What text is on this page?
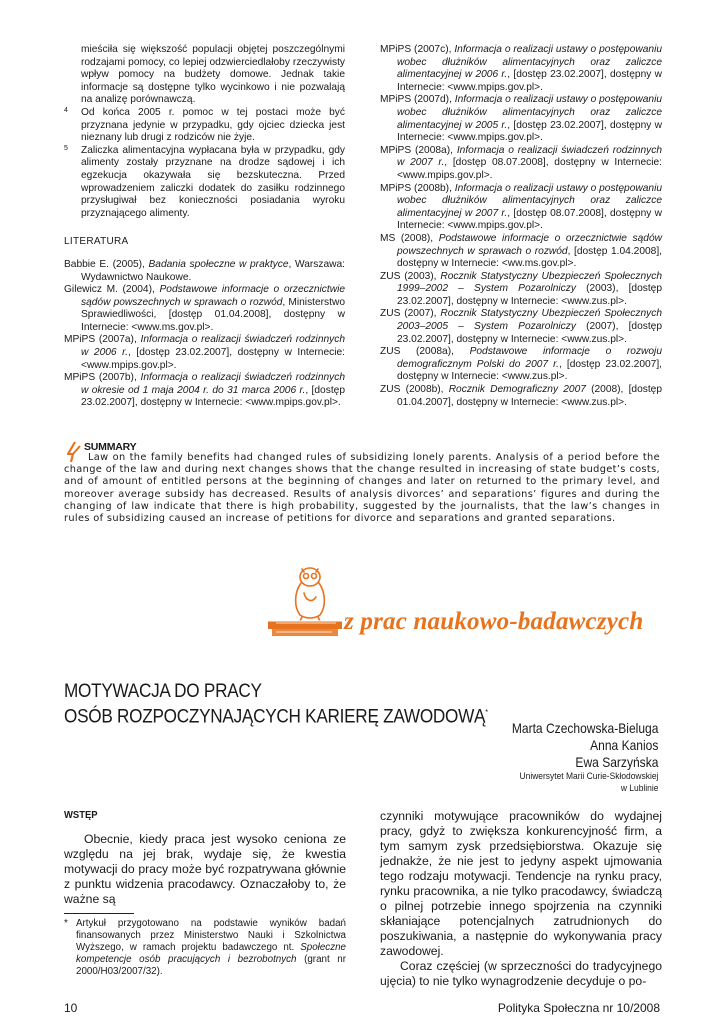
mieściła się większość populacji objętej poszczególnymi rodzajami pomocy, co lepiej odzwierciedlałoby rzeczywisty wpływ pomocy na budżety domowe. Jednak takie informacje są dostępne tylko wycinkowo i nie pozwalają na analizę porównawczą.

4 Od końca 2005 r. pomoc w tej postaci może być przyznana jedynie w przypadku, gdy ojciec dziecka jest nieznany lub drugi z rodziców nie żyje.

5 Zaliczka alimentacyjna wypłacana była w przypadku, gdy alimenty zostały przyznane na drodze sądowej i ich egzekucja okazywała się bezskuteczna. Przed wprowadzeniem zaliczki dodatek do zasiłku rodzinnego przysługiwał bez konieczności posiadania wyroku przyznającego alimenty.

LITERATURA

Babbie E. (2005), Badania społeczne w praktyce, Warszawa: Wydawnictwo Naukowe.

Gilewicz M. (2004), Podstawowe informacje o orzecznictwie sądów powszechnych w sprawach o rozwód, Ministerstwo Sprawiedliwości, [dostęp 01.04.2008], dostępny w Internecie: <www.ms.gov.pl>.

MPiPS (2007a), Informacja o realizacji świadczeń rodzinnych w 2006 r., [dostęp 23.02.2007], dostępny w Internecie: <www.mpips.gov.pl>.

MPiPS (2007b), Informacja o realizacji świadczeń rodzinnych w okresie od 1 maja 2004 r. do 31 marca 2006 r., [dostęp 23.02.2007], dostępny w Internecie: <www.mpips.gov.pl>.

MPiPS (2007c), Informacja o realizacji ustawy o postępowaniu wobec dłużników alimentacyjnych oraz zaliczce alimentacyjnej w 2006 r., [dostęp 23.02.2007], dostępny w Internecie: <www.mpips.gov.pl>.

MPiPS (2007d), Informacja o realizacji ustawy o postępowaniu wobec dłużników alimentacyjnych oraz zaliczce alimentacyjnej w 2005 r., [dostęp 23.02.2007], dostępny w Internecie: <www.mpips.gov.pl>.

MPiPS (2008a), Informacja o realizacji świadczeń rodzinnych w 2007 r., [dostęp 08.07.2008], dostępny w Internecie: <www.mpips.gov.pl>.

MPiPS (2008b), Informacja o realizacji ustawy o postępowaniu wobec dłużników alimentacyjnych oraz zaliczce alimentacyjnej w 2007 r., [dostęp 08.07.2008], dostępny w Internecie: <www.mpips.gov.pl>.

MS (2008), Podstawowe informacje o orzecznictwie sądów powszechnych w sprawach o rozwód, [dostęp 1.04.2008], dostępny w Internecie: <ww.ms.gov.pl>.

ZUS (2003), Rocznik Statystyczny Ubezpieczeń Społecznych 1999–2002 – System Pozarolniczy (2003), [dostęp 23.02.2007], dostępny w Internecie: <www.zus.pl>.

ZUS (2007), Rocznik Statystyczny Ubezpieczeń Społecznych 2003–2005 – System Pozarolniczy (2007), [dostęp 23.02.2007], dostępny w Internecie: <www.zus.pl>.

ZUS (2008a), Podstawowe informacje o rozwoju demograficznym Polski do 2007 r., [dostęp 23.02.2007], dostępny w Internecie: <www.zus.pl>.

ZUS (2008b), Rocznik Demograficzny 2007 (2008), [dostęp 01.04.2007], dostępny w Internecie: <www.zus.pl>.

SUMMARY
Law on the family benefits had changed rules of subsidizing lonely parents. Analysis of a period before the change of the law and during next changes shows that the change resulted in increasing of state budget’s costs, and of amount of entitled persons at the beginning of changes and later on returned to the primary level, and moreover average subsidy has decreased. Results of analysis divorces’ and separations’ figures and during the changing of law indicate that there is high probability, suggested by the journalists, that the law’s changes in rules of subsidizing caused an increase of petitions for divorce and separations and granted separations.
z prac naukowo-badawczych
MOTYWACJA DO PRACY
OSÓB ROZPOCZYNAJĄCYCH KARIERĘ ZAWODOWĄ*
Marta Czechowska-Bieluga
Anna Kanios
Ewa Sarzyńska
Uniwersytet Marii Curie-Skłodowskiej
w Lublinie
WSTĘP

Obecnie, kiedy praca jest wysoko ceniona ze względu na jej brak, wydaje się, że kwestia motywacji do pracy może być rozpatrywana głównie z punktu widzenia pracodawcy. Oznaczałoby to, że ważne są

* Artykuł przygotowano na podstawie wyników badań finansowanych przez Ministerstwo Nauki i Szkolnictwa Wyższego, w ramach projektu badawczego nt. Społeczne kompetencje osób pracujących i bezrobotnych (grant nr 2000/H03/2007/32).

czynniki motywujące pracowników do wydajnej pracy, gdyż to zwiększa konkurencyjność firm, a tym samym zysk przedsiębiorstwa. Okazuje się jednakże, że nie jest to jedyny aspekt ujmowania tego rodzaju motywacji. Tendencje na rynku pracy, rynku pracownika, a nie tylko pracodawcy, świadczą o pilnej potrzebie innego spojrzenia na czynniki skłaniające potencjalnych zatrudnionych do poszukiwania, a następnie do wykonywania pracy zawodowej.

Coraz częściej (w sprzeczności do tradycyjnego ujęcia) to nie tylko wynagrodzenie decyduje o po-

10	Polityka Społeczna nr 10/2008
